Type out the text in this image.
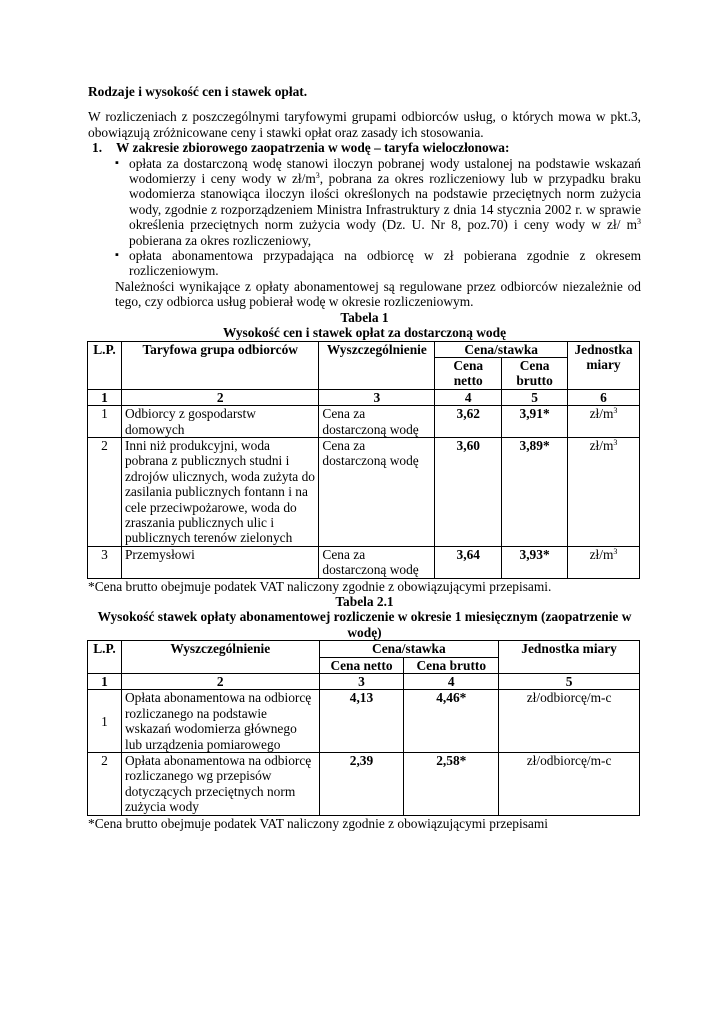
Rodzaje i wysokość cen i stawek opłat.
W rozliczeniach z poszczególnymi taryfowymi grupami odbiorców usług, o których mowa w pkt.3, obowiązują zróżnicowane ceny i stawki opłat oraz zasady ich stosowania.
1. W zakresie zbiorowego zaopatrzenia w wodę – taryfa wieloczłonowa:
▪ opłata za dostarczoną wodę stanowi iloczyn pobranej wody ustalonej na podstawie wskazań wodomierzy i ceny wody w $zł/m^3$, pobrana za okres rozliczeniowy lub w przypadku braku wodomierza stanowiąca iloczyn ilości określonych na podstawie przeciętnych norm zużycia wody, zgodnie z rozporządzeniem Ministra Infrastruktury z dnia 14 stycznia 2002 r. w sprawie określenia przeciętnych norm zużycia wody (Dz. U. Nr 8, poz.70) i ceny wody w zł/ $m^3$ pobierana za okres rozliczeniowy,
▪ opłata abonamentowa przypadająca na odbiorcę w zł pobierana zgodnie z okresem rozliczeniowym.
Należności wynikające z opłaty abonamentowej są regulowane przez odbiorców niezależnie od tego, czy odbiorca usług pobierał wodę w okresie rozliczeniowym.
Tabela 1
Wysokość cen i stawek opłat za dostarczoną wodę
L.P.	Taryfowa grupa odbiorców	Wyszczególnienie	Cena/stawka		Jednostka miary
			Cena netto	Cena brutto	
1	2	3	4	5	6
1	Odbiorcy z gospodarstw domowych	Cena za dostarczoną wodę	3,62	3,91*	$zł/m^3$
2	Inni niż produkcyjni, woda pobrana z publicznych studni i zdrojów ulicznych, woda zużyta do zasilania publicznych fontann i na cele przeciwpożarowe, woda do zraszania publicznych ulic i publicznych terenów zielonych	Cena za dostarczoną wodę	3,60	3,89*	$zł/m^3$
3	Przemysłowi	Cena za dostarczoną wodę	3,64	3,93*	$zł/m^3$
*Cena brutto obejmuje podatek VAT naliczony zgodnie z obowiązującymi przepisami.
Tabela 2.1
Wysokość stawek opłaty abonamentowej rozliczenie w okresie 1 miesięcznym (zaopatrzenie w wodę)
L.P.	Wyszczególnienie	Cena/stawka		Jednostka miary
		Cena netto	Cena brutto	
1	2	3	4	5
1	Opłata abonamentowa na odbiorcę rozliczanego na podstawie wskazań wodomierza głównego lub urządzenia pomiarowego	4,13	4,46*	zł/odbiorcę/m-c
2	Opłata abonamentowa na odbiorcę rozliczanego wg przepisów dotyczących przeciętnych norm zużycia wody	2,39	2,58*	zł/odbiorcę/m-c
*Cena brutto obejmuje podatek VAT naliczony zgodnie z obowiązującymi przepisami
